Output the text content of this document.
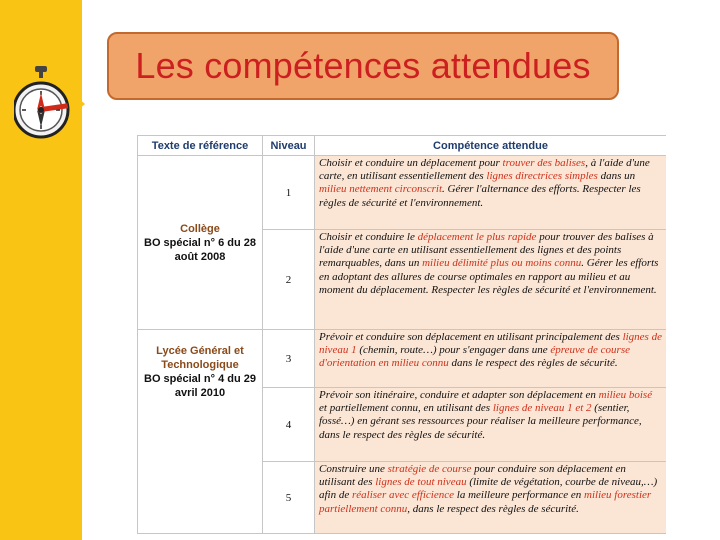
Les compétences attendues
Texte de référence	Niveau	Compétence attendue

Collège
BO spécial n° 6 du 28 août 2008	1	Choisir et conduire un déplacement pour trouver des balises, à l'aide d'une carte, en utilisant essentiellement des lignes directrices simples dans un milieu nettement circonscrit. Gérer l'alternance des efforts. Respecter les règles de sécurité et l'environnement.
	2	Choisir et conduire le déplacement le plus rapide pour trouver des balises à l'aide d'une carte en utilisant essentiellement des lignes et des points remarquables, dans un milieu délimité plus ou moins connu. Gérer les efforts en adoptant des allures de course optimales en rapport au milieu et au moment du déplacement. Respecter les règles de sécurité et l'environnement.

Lycée Général et Technologique
BO spécial n° 4 du 29 avril 2010	3	Prévoir et conduire son déplacement en utilisant principalement des lignes de niveau 1 (chemin, route…) pour s'engager dans une épreuve de course d'orientation en milieu connu dans le respect des règles de sécurité.
	4	Prévoir son itinéraire, conduire et adapter son déplacement en milieu boisé et partiellement connu, en utilisant des lignes de niveau 1 et 2 (sentier, fossé…) en gérant ses ressources pour réaliser la meilleure performance, dans le respect des règles de sécurité.
	5	Construire une stratégie de course pour conduire son déplacement en utilisant des lignes de tout niveau (limite de végétation, courbe de niveau,…) afin de réaliser avec efficience la meilleure performance en milieu forestier partiellement connu, dans le respect des règles de sécurité.
